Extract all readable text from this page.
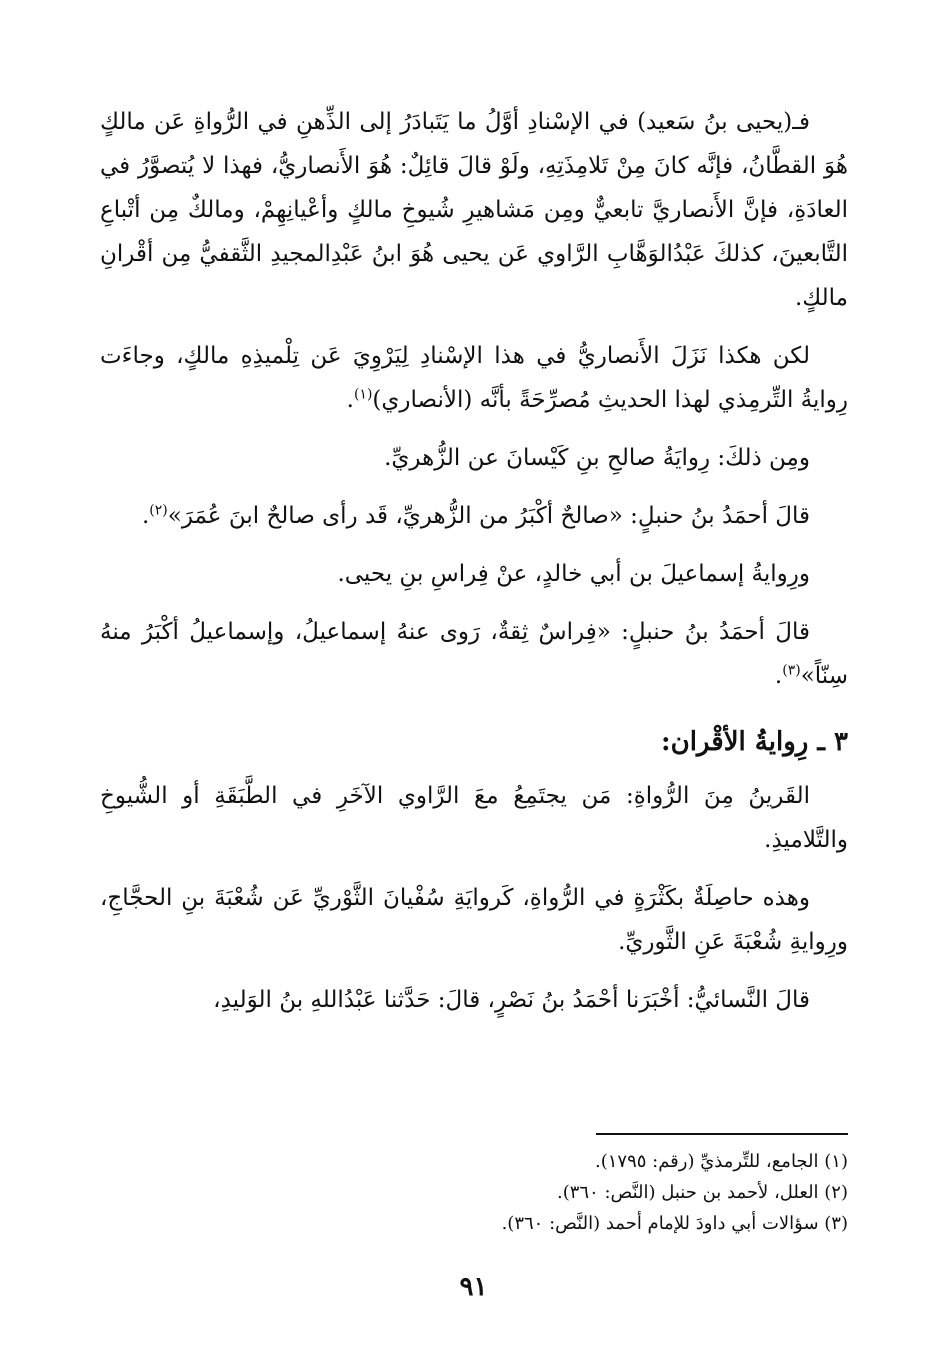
فـ(يحيى بنُ سَعيد) في الإسْنادِ أوَّلُ ما يَتَبادَرُ إلى الذِّهنِ في الرُّواةِ عَن مالكٍ هُوَ القطَّانُ، فإنَّه كانَ مِنْ تَلامِذَتِهِ، ولَوْ قالَ قائِلٌ: هُوَ الأَنصاريُّ، فهذا لا يُتصوَّرُ في العادَةِ، فإنَّ الأَنصاريَّ تابعيٌّ ومِن مَشاهيرِ شُيوخِ مالكٍ وأعْيانِهِمْ، ومالكٌ مِن أتْباعِ التَّابعينَ، كذلكَ عَبْدُالوَهَّابِ الرَّاوي عَن يحيى هُوَ ابنُ عَبْدِالمجيدِ الثَّقفيُّ مِن أقْرانِ مالكٍ.

لكن هكذا نَزَلَ الأَنصاريُّ في هذا الإسْنادِ لِيَرْوِيَ عَن تِلْميذِهِ مالكٍ، وجاءَت رِوايةُ التِّرمِذي لهذا الحديثِ مُصرِّحَةً بأنَّه (الأنصاري)$^{(١)}$.

ومِن ذلكَ: رِوايَةُ صالحِ بنِ كَيْسانَ عن الزُّهريِّ.

قالَ أحمَدُ بنُ حنبلٍ: «صالحٌ أكْبَرُ من الزُّهريِّ، قَد رأى صالحٌ ابنَ عُمَرَ»$^{(٢)}$.

ورِوايةُ إسماعيلَ بن أبي خالدٍ، عنْ فِراسِ بنِ يحيى.

قالَ أحمَدُ بنُ حنبلٍ: «فِراسٌ ثِقةٌ، رَوى عنهُ إسماعيلُ، وإسماعيلُ أكْبَرُ منهُ سِنّاً»$^{(٣)}$.

٣ ـ رِوايةُ الأقْران:

القَرينُ مِنَ الرُّواةِ: مَن يجتَمِعُ معَ الرَّاوي الآخَرِ في الطَّبَقَةِ أو الشُّيوخِ والتَّلاميذِ.

وهذه حاصِلَةٌ بكَثْرَةٍ في الرُّواةِ، كَروايَةِ سُفْيانَ الثَّوْريِّ عَن شُعْبَةَ بنِ الحجَّاجِ، ورِوايةِ شُعْبَةَ عَنِ الثَّوريِّ.

قالَ النَّسائيُّ: أخْبَرَنا أحْمَدُ بنُ نَصْرٍ، قالَ: حَدَّثنا عَبْدُاللهِ بنُ الوَليدِ،

(١) الجامع، للتِّرمذيِّ (رقم: ١٧٩٥).

(٢) العلل، لأحمد بن حنبل (النَّص: ٣٦٠).

(٣) سؤالات أبي داودَ للإمام أحمد (النَّص: ٣٦٠).

٩١
